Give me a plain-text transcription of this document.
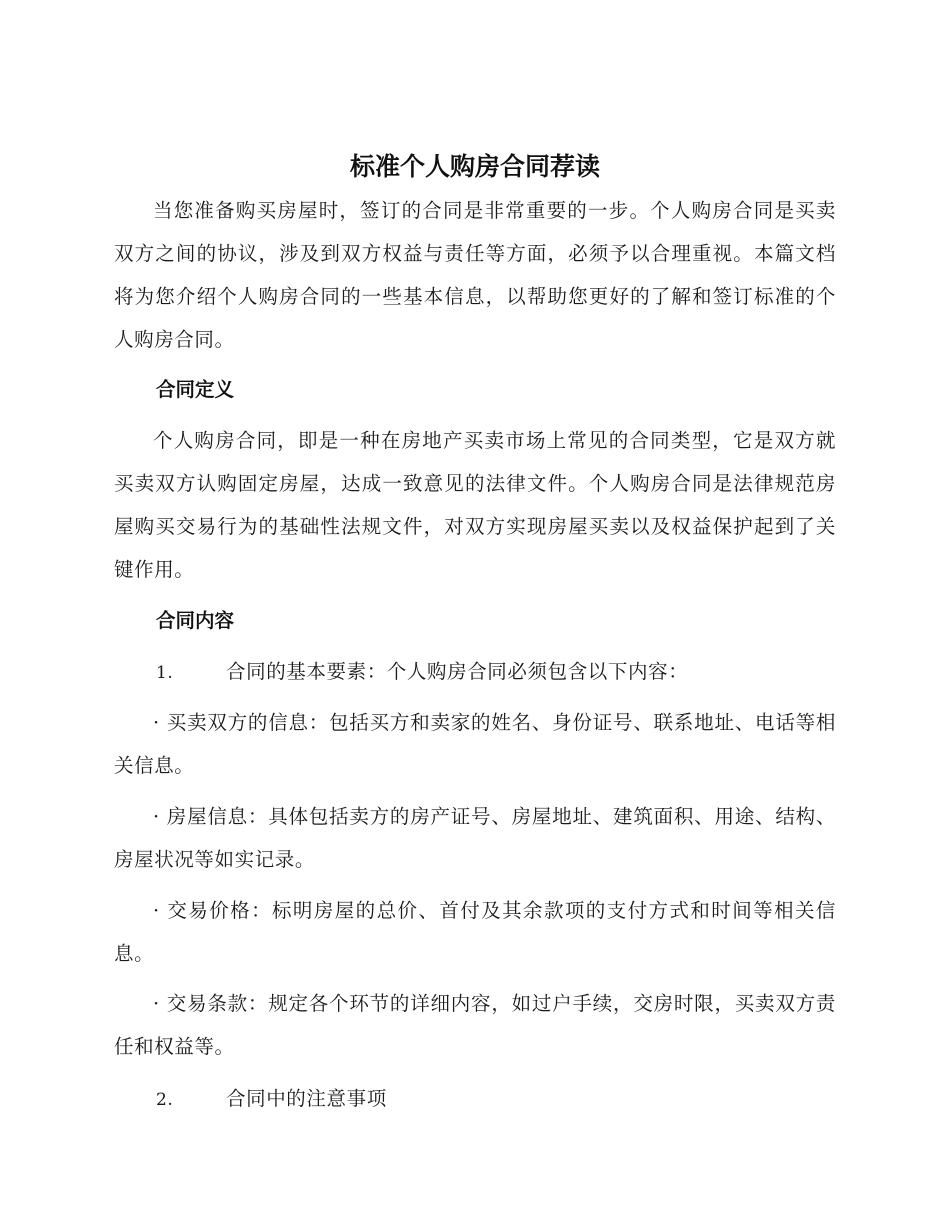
标准个人购房合同荐读

当您准备购买房屋时，签订的合同是非常重要的一步。个人购房合同是买卖双方之间的协议，涉及到双方权益与责任等方面，必须予以合理重视。本篇文档将为您介绍个人购房合同的一些基本信息，以帮助您更好的了解和签订标准的个人购房合同。

合同定义

个人购房合同，即是一种在房地产买卖市场上常见的合同类型，它是双方就买卖双方认购固定房屋，达成一致意见的法律文件。个人购房合同是法律规范房屋购买交易行为的基础性法规文件，对双方实现房屋买卖以及权益保护起到了关键作用。

合同内容
1.	合同的基本要素：个人购房合同必须包含以下内容：

· 买卖双方的信息：包括买方和卖家的姓名、身份证号、联系地址、电话等相关信息。

· 房屋信息：具体包括卖方的房产证号、房屋地址、建筑面积、用途、结构、房屋状况等如实记录。

· 交易价格：标明房屋的总价、首付及其余款项的支付方式和时间等相关信息。

· 交易条款：规定各个环节的详细内容，如过户手续，交房时限，买卖双方责任和权益等。

2.	合同中的注意事项
